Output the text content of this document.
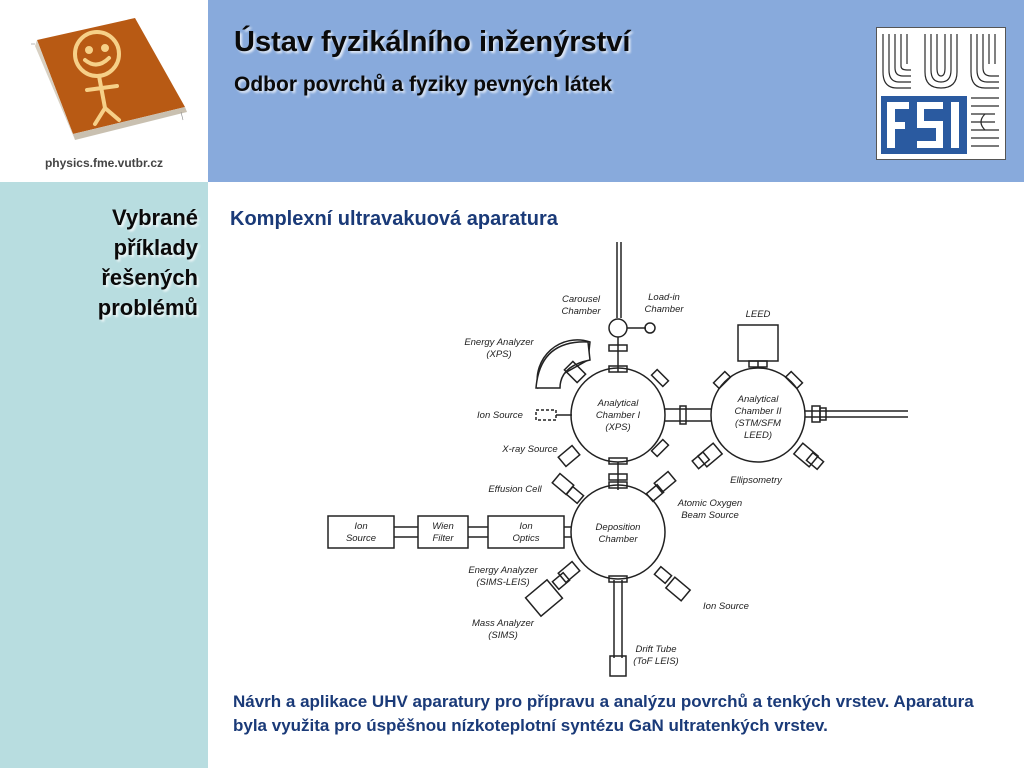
physics.fme.vutbr.cz
Ústav fyzikálního inženýrství
Odbor povrchů a fyziky pevných látek
Vybrané příklady řešených problémů
Komplexní ultravakuová aparatura
Carousel
Chamber
Load-in
Chamber
Energy Analyzer
(XPS)
Ion Source
X-ray Source
Effusion Cell
Analytical
Chamber I
(XPS)
LEED
Analytical
Chamber II
(STM/SFM
LEED)
Ellipsometry
Atomic Oxygen
Beam Source
Ion
Source
Wien
Filter
Ion
Optics
Deposition
Chamber
Energy Analyzer
(SIMS-LEIS)
Mass Analyzer
(SIMS)
Ion Source
Drift Tube
(ToF LEIS)
Návrh a aplikace UHV aparatury pro přípravu a analýzu povrchů a tenkých vrstev. Aparatura byla využita pro úspěšnou nízkoteplotní syntézu GaN ultratenkých vrstev.
